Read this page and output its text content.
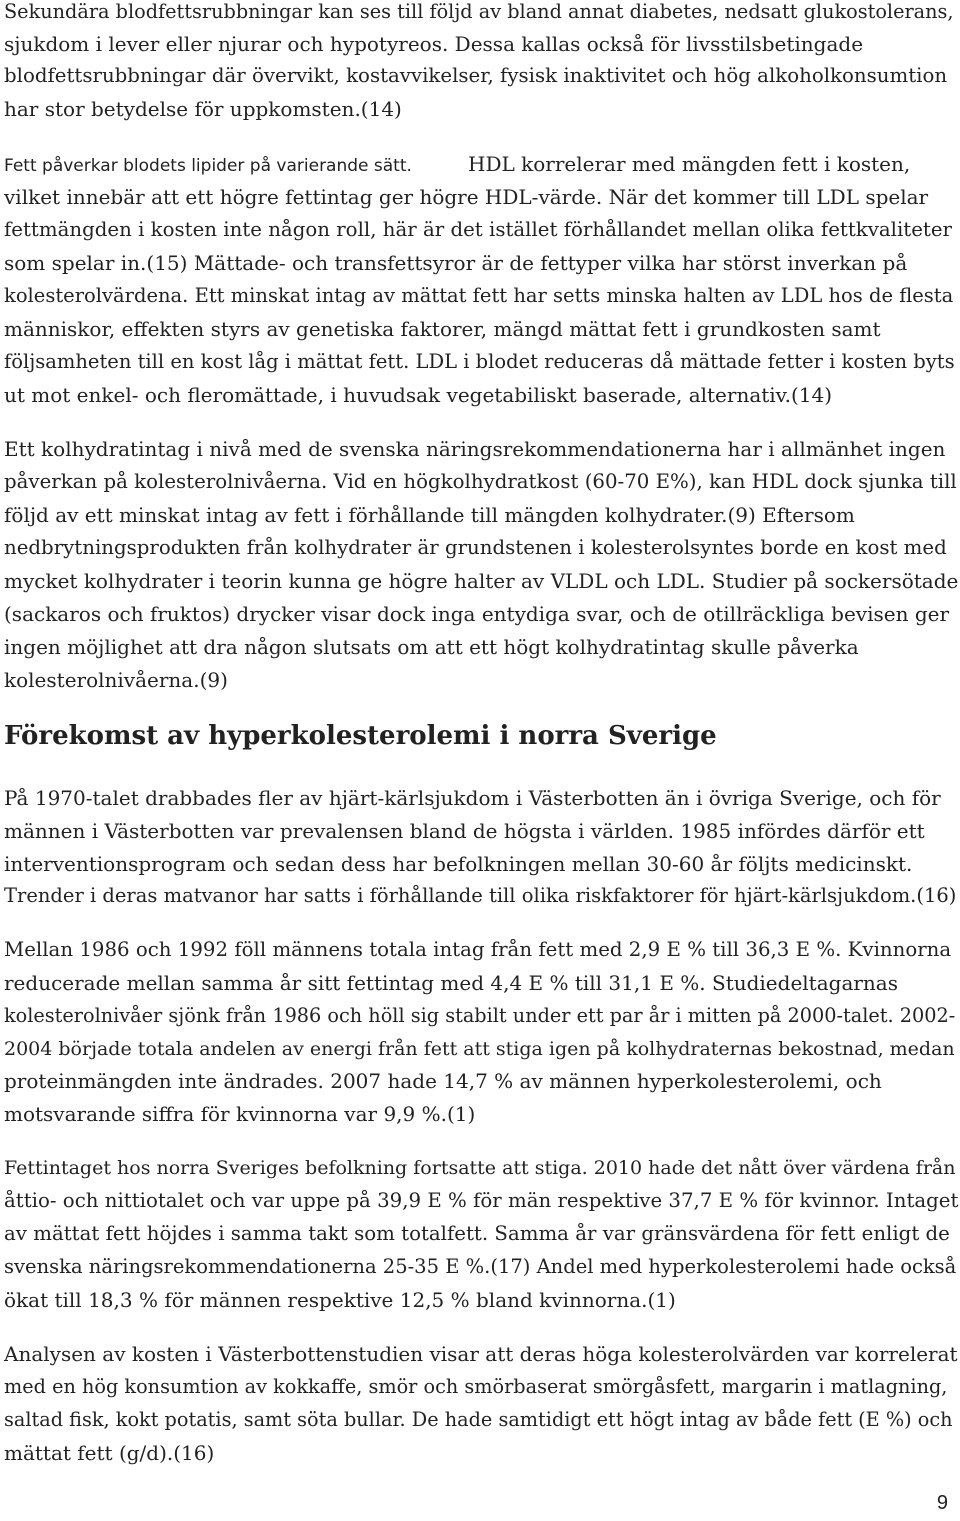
Sekundära blodfettsrubbningar kan ses till följd av bland annat diabetes, nedsatt glukostolerans,

sjukdom i lever eller njurar och hypotyreos. Dessa kallas också för livsstilsbetingade

blodfettsrubbningar där övervikt, kostavvikelser, fysisk inaktivitet och hög alkoholkonsumtion

har stor betydelse för uppkomsten.(14)

Fett påverkar blodets lipider på varierande sätt.	HDL korrelerar med mängden fett i kosten,

vilket innebär att ett högre fettintag ger högre HDL-värde. När det kommer till LDL spelar

fettmängden i kosten inte någon roll, här är det istället förhållandet mellan olika fettkvaliteter

som spelar in.(15) Mättade- och transfettsyror är de fettyper vilka har störst inverkan på

kolesterolvärdena. Ett minskat intag av mättat fett har setts minska halten av LDL hos de flesta

människor, effekten styrs av genetiska faktorer, mängd mättat fett i grundkosten samt

följsamheten till en kost låg i mättat fett. LDL i blodet reduceras då mättade fetter i kosten byts

ut mot enkel- och fleromättade, i huvudsak vegetabiliskt baserade, alternativ.(14)

Ett kolhydratintag i nivå med de svenska näringsrekommendationerna har i allmänhet ingen

påverkan på kolesterolnivåerna. Vid en högkolhydratkost (60-70 E%), kan HDL dock sjunka till

följd av ett minskat intag av fett i förhållande till mängden kolhydrater.(9) Eftersom

nedbrytningsprodukten från kolhydrater är grundstenen i kolesterolsyntes borde en kost med

mycket kolhydrater i teorin kunna ge högre halter av VLDL och LDL. Studier på sockersötade

(sackaros och fruktos) drycker visar dock inga entydiga svar, och de otillräckliga bevisen ger

ingen möjlighet att dra någon slutsats om att ett högt kolhydratintag skulle påverka

kolesterolnivåerna.(9)

Förekomst av hyperkolesterolemi i norra Sverige

På 1970-talet drabbades fler av hjärt-kärlsjukdom i Västerbotten än i övriga Sverige, och för

männen i Västerbotten var prevalensen bland de högsta i världen. 1985 infördes därför ett

interventionsprogram och sedan dess har befolkningen mellan 30-60 år följts medicinskt.

Trender i deras matvanor har satts i förhållande till olika riskfaktorer för hjärt-kärlsjukdom.(16)

Mellan 1986 och 1992 föll männens totala intag från fett med 2,9 E % till 36,3 E %. Kvinnorna

reducerade mellan samma år sitt fettintag med 4,4 E % till 31,1 E %. Studiedeltagarnas

kolesterolnivåer sjönk från 1986 och höll sig stabilt under ett par år i mitten på 2000-talet. 2002-

2004 började totala andelen av energi från fett att stiga igen på kolhydraternas bekostnad, medan

proteinmängden inte ändrades. 2007 hade 14,7 % av männen hyperkolesterolemi, och

motsvarande siffra för kvinnorna var 9,9 %.(1)

Fettintaget hos norra Sveriges befolkning fortsatte att stiga. 2010 hade det nått över värdena från

åttio- och nittiotalet och var uppe på 39,9 E % för män respektive 37,7 E % för kvinnor. Intaget

av mättat fett höjdes i samma takt som totalfett. Samma år var gränsvärdena för fett enligt de

svenska näringsrekommendationerna 25-35 E %.(17) Andel med hyperkolesterolemi hade också

ökat till 18,3 % för männen respektive 12,5 % bland kvinnorna.(1)

Analysen av kosten i Västerbottenstudien visar att deras höga kolesterolvärden var korrelerat

med en hög konsumtion av kokkaffe, smör och smörbaserat smörgåsfett, margarin i matlagning,

saltad fisk, kokt potatis, samt söta bullar. De hade samtidigt ett högt intag av både fett (E %) och

mättat fett (g/d).(16)

9
